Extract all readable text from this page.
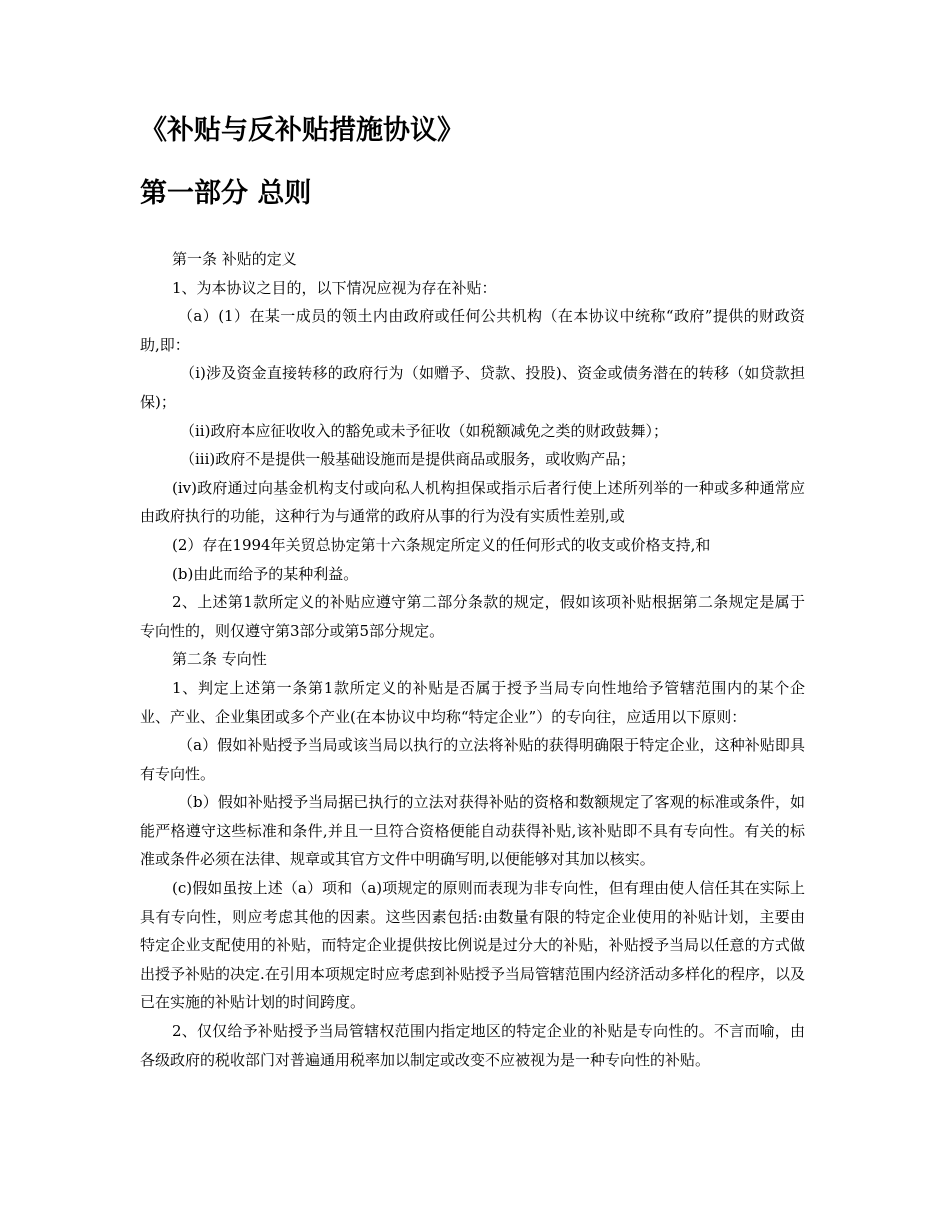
《补贴与反补贴措施协议》
第一部分 总则

第一条 补贴的定义

1、为本协议之目的，以下情况应视为存在补贴：

（a）(1）在某一成员的领土内由政府或任何公共机构（在本协议中统称“政府”提供的财政资助,即：

（i)涉及资金直接转移的政府行为（如赠予、贷款、投股)、资金或债务潜在的转移（如贷款担保)；

（ii)政府本应征收收入的豁免或未予征收（如税额减免之类的财政鼓舞）；

（iii)政府不是提供一般基础设施而是提供商品或服务，或收购产品；

(iv)政府通过向基金机构支付或向私人机构担保或指示后者行使上述所列举的一种或多种通常应由政府执行的功能，这种行为与通常的政府从事的行为没有实质性差别,或

(2）存在1994年关贸总协定第十六条规定所定义的任何形式的收支或价格支持,和

(b)由此而给予的某种利益。

2、上述第1款所定义的补贴应遵守第二部分条款的规定，假如该项补贴根据第二条规定是属于专向性的，则仅遵守第3部分或第5部分规定。

第二条 专向性

1、判定上述第一条第1款所定义的补贴是否属于授予当局专向性地给予管辖范围内的某个企业、产业、企业集团或多个产业(在本协议中均称“特定企业”）的专向往，应适用以下原则：

（a）假如补贴授予当局或该当局以执行的立法将补贴的获得明确限于特定企业，这种补贴即具有专向性。

（b）假如补贴授予当局据已执行的立法对获得补贴的资格和数额规定了客观的标准或条件，如能严格遵守这些标准和条件,并且一旦符合资格便能自动获得补贴,该补贴即不具有专向性。有关的标准或条件必须在法律、规章或其官方文件中明确写明,以便能够对其加以核实。

(c)假如虽按上述（a）项和（a)项规定的原则而表现为非专向性，但有理由使人信任其在实际上具有专向性，则应考虑其他的因素。这些因素包括:由数量有限的特定企业使用的补贴计划，主要由特定企业支配使用的补贴，而特定企业提供按比例说是过分大的补贴，补贴授予当局以任意的方式做出授予补贴的决定.在引用本项规定时应考虑到补贴授予当局管辖范围内经济活动多样化的程序，以及已在实施的补贴计划的时间跨度。

2、仅仅给予补贴授予当局管辖权范围内指定地区的特定企业的补贴是专向性的。不言而喻，由各级政府的税收部门对普遍通用税率加以制定或改变不应被视为是一种专向性的补贴。
